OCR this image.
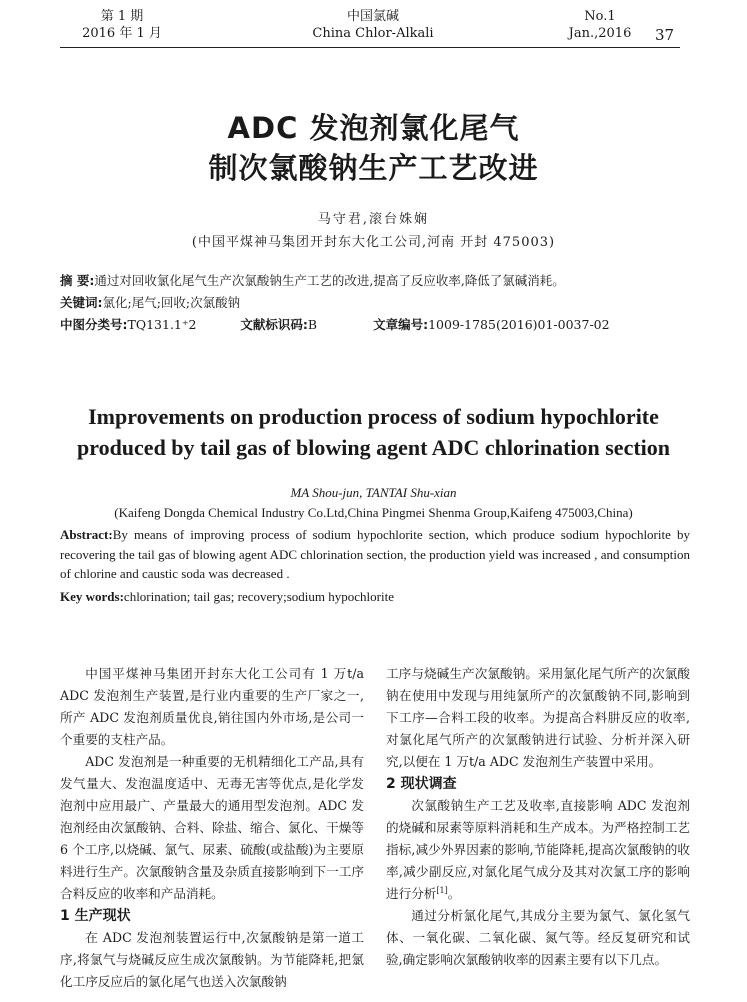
第 1 期
2016 年 1 月
中国氯碱
China Chlor-Alkali
No.1
Jan.,2016	37
ADC 发泡剂氯化尾气
制次氯酸钠生产工艺改进
马守君,滚台姝娴
(中国平煤神马集团开封东大化工公司,河南 开封 475003)
摘 要:通过对回收氯化尾气生产次氯酸钠生产工艺的改进,提高了反应收率,降低了氯碱消耗。
关键词:氯化;尾气;回收;次氯酸钠
中图分类号:TQ131.1⁺2	文献标识码:B	文章编号:1009-1785(2016)01-0037-02
Improvements on production process of sodium hypochlorite
produced by tail gas of blowing agent ADC chlorination section
MA Shou-jun, TANTAI Shu-xian
(Kaifeng Dongda Chemical Industry Co.Ltd,China Pingmei Shenma Group,Kaifeng 475003,China)
Abstract:By means of improving process of sodium hypochlorite section, which produce sodium hypochlorite by recovering the tail gas of blowing agent ADC chlorination section, the production yield was increased , and consumption of chlorine and caustic soda was decreased .
Key words:chlorination; tail gas; recovery;sodium hypochlorite

中国平煤神马集团开封东大化工公司有 1 万t/a ADC 发泡剂生产装置,是行业内重要的生产厂家之一,所产 ADC 发泡剂质量优良,销往国内外市场,是公司一个重要的支柱产品。

ADC 发泡剂是一种重要的无机精细化工产品,具有发气量大、发泡温度适中、无毒无害等优点,是化学发泡剂中应用最广、产量最大的通用型发泡剂。ADC 发泡剂经由次氯酸钠、合料、除盐、缩合、氯化、干燥等 6 个工序,以烧碱、氯气、尿素、硫酸(或盐酸)为主要原料进行生产。次氯酸钠含量及杂质直接影响到下一工序合料反应的收率和产品消耗。

1 生产现状

在 ADC 发泡剂装置运行中,次氯酸钠是第一道工序,将氯气与烧碱反应生成次氯酸钠。为节能降耗,把氯化工序反应后的氯化尾气也送入次氯酸钠

工序与烧碱生产次氯酸钠。采用氯化尾气所产的次氯酸钠在使用中发现与用纯氯所产的次氯酸钠不同,影响到下工序—合料工段的收率。为提高合料肼反应的收率,对氯化尾气所产的次氯酸钠进行试验、分析并深入研究,以便在 1 万t/a ADC 发泡剂生产装置中采用。

2 现状调查

次氯酸钠生产工艺及收率,直接影响 ADC 发泡剂的烧碱和尿素等原料消耗和生产成本。为严格控制工艺指标,减少外界因素的影响,节能降耗,提高次氯酸钠的收率,减少副反应,对氯化尾气成分及其对次氯工序的影响进行分析[1]。

通过分析氯化尾气,其成分主要为氯气、氯化氢气体、一氧化碳、二氧化碳、氮气等。经反复研究和试验,确定影响次氯酸钠收率的因素主要有以下几点。
